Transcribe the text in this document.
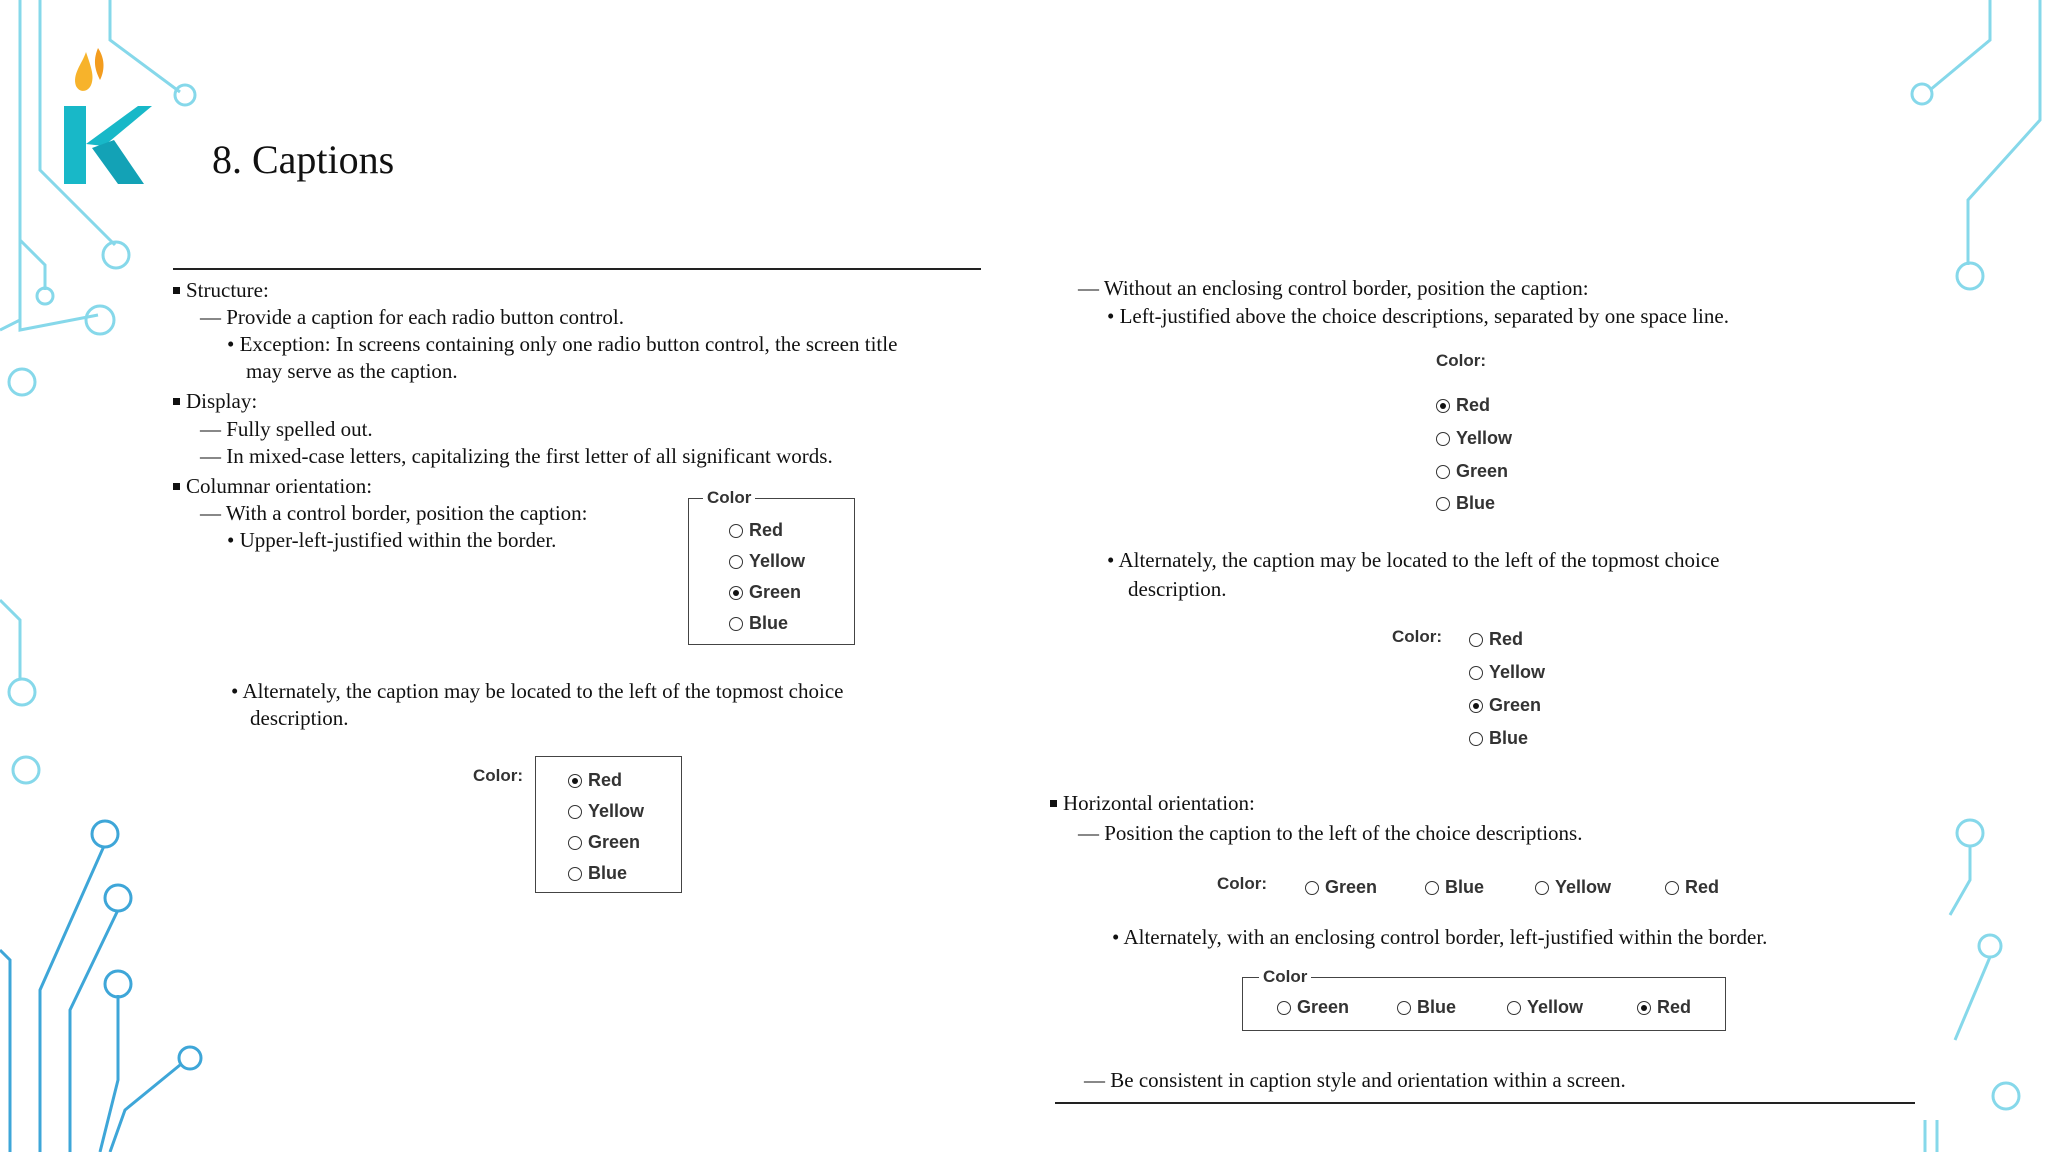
8. Captions
Structure:
— Provide a caption for each radio button control.
• Exception: In screens containing only one radio button control, the screen title
may serve as the caption.
Display:
— Fully spelled out.
— In mixed-case letters, capitalizing the first letter of all significant words.
Columnar orientation:
— With a control border, position the caption:
• Upper-left-justified within the border.
• Alternately, the caption may be located to the left of the topmost choice
description.
Color
Red
Yellow
Green
Blue
Color:	Red
Yellow
Green
Blue
— Without an enclosing control border, position the caption:
• Left-justified above the choice descriptions, separated by one space line.
Color:
Red
Yellow
Green
Blue
• Alternately, the caption may be located to the left of the topmost choice
description.
Color:	Red
Yellow
Green
Blue
Horizontal orientation:
— Position the caption to the left of the choice descriptions.
Color:	Green	Blue	Yellow	Red
• Alternately, with an enclosing control border, left-justified within the border.
Color
Green	Blue	Yellow	Red
— Be consistent in caption style and orientation within a screen.
